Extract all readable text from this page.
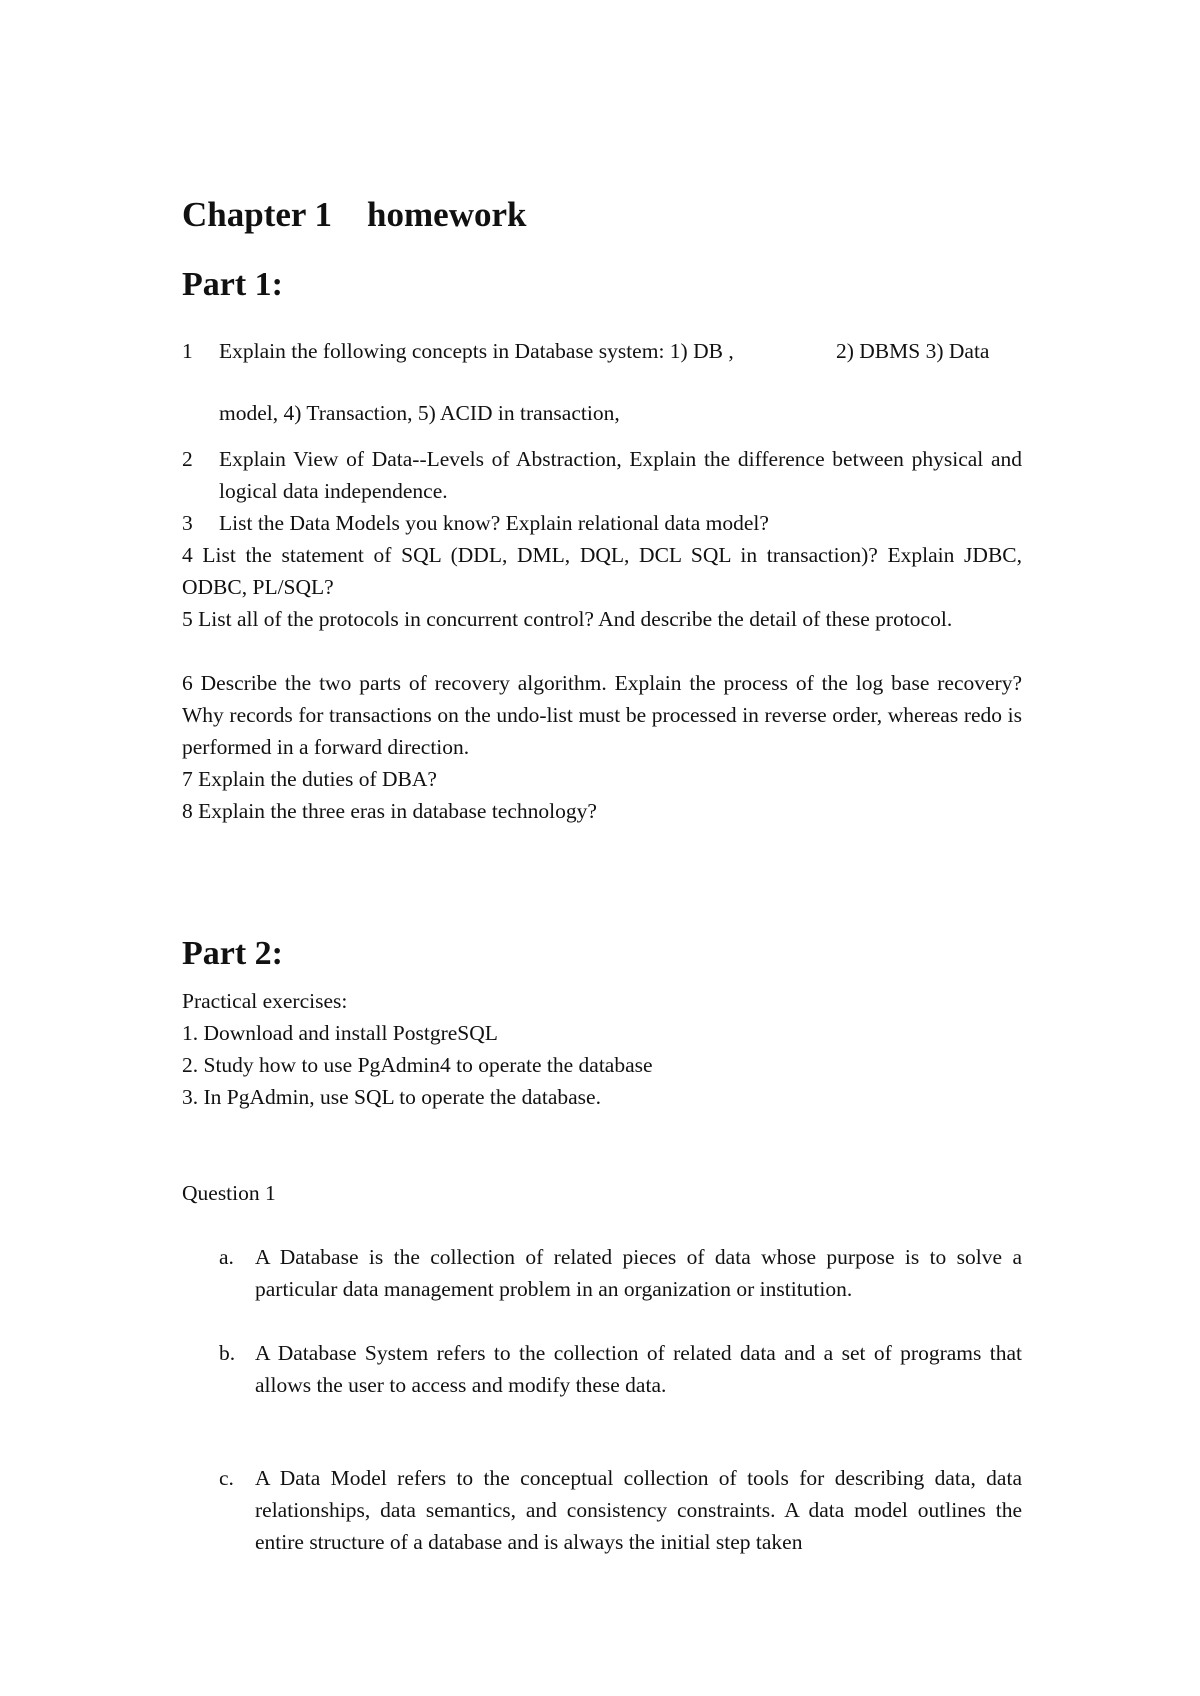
Chapter 1    homework
Part 1:
1 Explain the following concepts in Database system: 1) DB ,	2) DBMS 3) Data
model, 4) Transaction, 5) ACID in transaction,
2 Explain View of Data--Levels of Abstraction, Explain the difference between physical and logical data independence.
3 List the Data Models you know? Explain relational data model?
4 List the statement of SQL (DDL, DML, DQL, DCL SQL in transaction)? Explain JDBC, ODBC, PL/SQL?
5 List all of the protocols in concurrent control? And describe the detail of these protocol.
6 Describe the two parts of recovery algorithm. Explain the process of the log base recovery? Why records for transactions on the undo-list must be processed in reverse order, whereas redo is performed in a forward direction.
7 Explain the duties of DBA?
8 Explain the three eras in database technology?
Part 2:
Practical exercises:
1. Download and install PostgreSQL
2. Study how to use PgAdmin4 to operate the database
3. In PgAdmin, use SQL to operate the database.
Question 1
a. A Database is the collection of related pieces of data whose purpose is to solve a particular data management problem in an organization or institution.
b. A Database System refers to the collection of related data and a set of programs that allows the user to access and modify these data.
c. A Data Model refers to the conceptual collection of tools for describing data, data relationships, data semantics, and consistency constraints. A data model outlines the entire structure of a database and is always the initial step taken
